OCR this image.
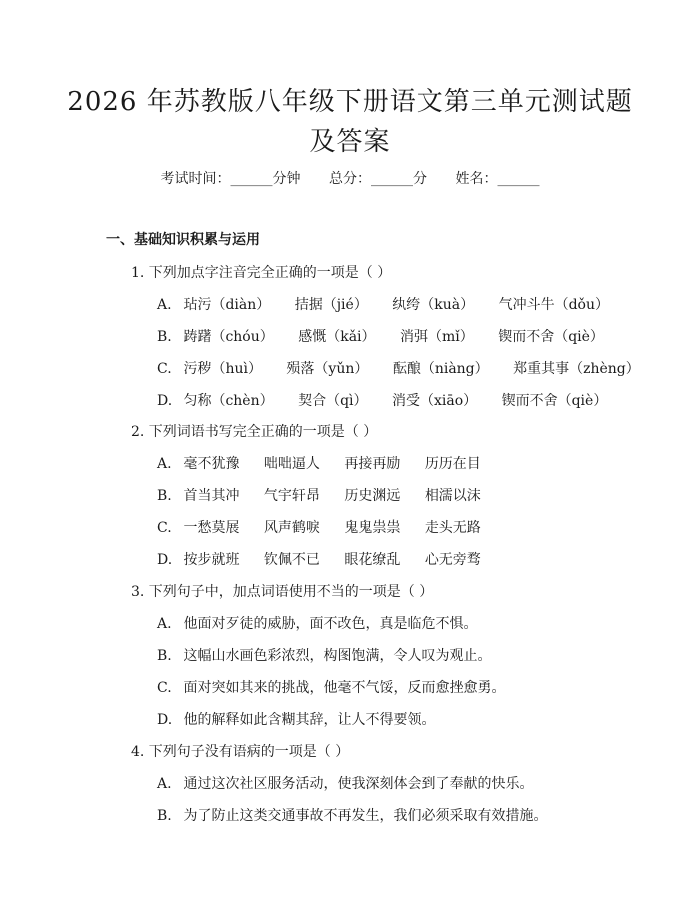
2026 年苏教版八年级下册语文第三单元测试题及答案
考试时间：______分钟 总分：______分 姓名：______
一、基础知识积累与运用
1. 下列加点字注音完全正确的一项是（ ）
A. 玷污（diàn） 拮据（jié） 纨绔（kuà） 气冲斗牛（dǒu）
B. 踌躇（chóu） 感慨（kǎi） 消弭（mǐ） 锲而不舍（qiè）
C. 污秽（huì） 殒落（yǔn） 酝酿（niàng） 郑重其事（zhèng）
D. 匀称（chèn） 契合（qì） 消受（xiāo） 锲而不舍（qiè）
2. 下列词语书写完全正确的一项是（ ）
A. 毫不犹豫 咄咄逼人 再接再励 历历在目
B. 首当其冲 气宇轩昂 历史渊远 相濡以沫
C. 一愁莫展 风声鹤唳 鬼鬼祟祟 走头无路
D. 按步就班 钦佩不已 眼花缭乱 心无旁骛
3. 下列句子中，加点词语使用不当的一项是（ ）
A. 他面对歹徒的威胁，面不改色，真是临危不惧。
B. 这幅山水画色彩浓烈，构图饱满，令人叹为观止。
C. 面对突如其来的挑战，他毫不气馁，反而愈挫愈勇。
D. 他的解释如此含糊其辞，让人不得要领。
4. 下列句子没有语病的一项是（ ）
A. 通过这次社区服务活动，使我深刻体会到了奉献的快乐。
B. 为了防止这类交通事故不再发生，我们必须采取有效措施。
